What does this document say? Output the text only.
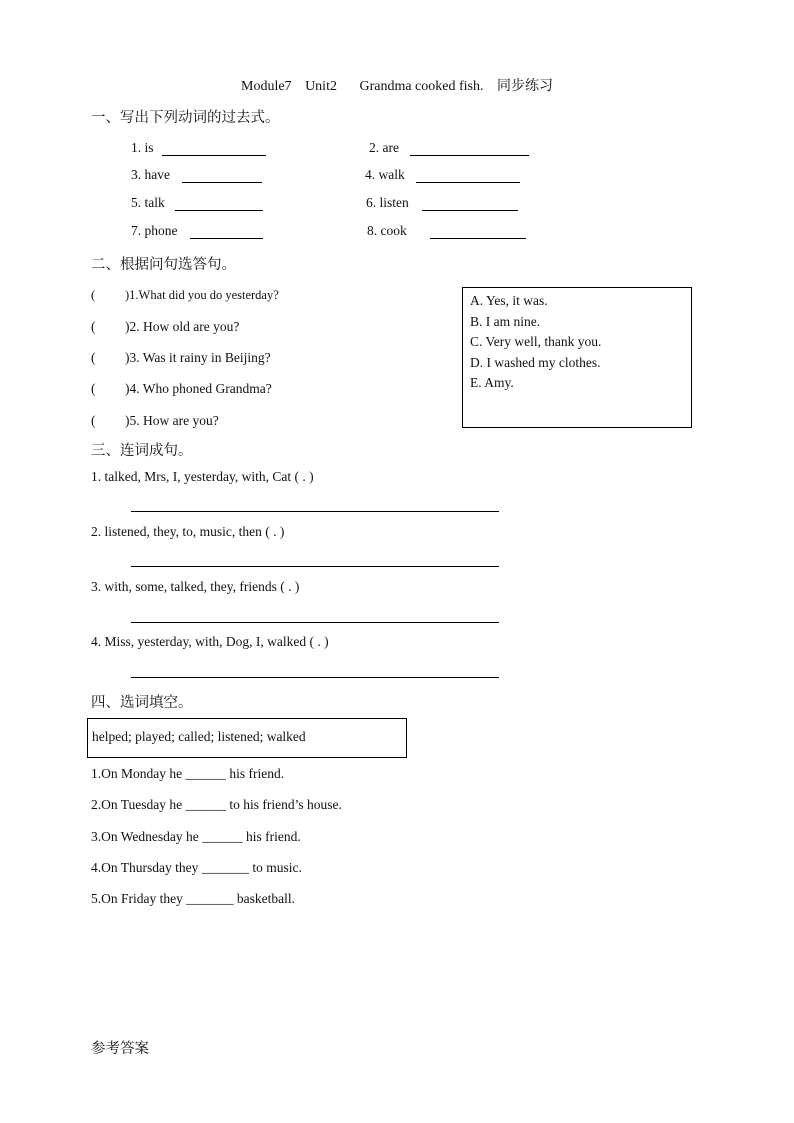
Module7 Unit2 Grandma cooked fish. 同步练习
一、写出下列动词的过去式。
1. is	2. are
3. have	4. walk
5. talk	6. listen
7. phone	8. cook
二、根据问句选答句。
( )1.What did you do yesterday?
( )2. How old are you?
( )3. Was it rainy in Beijing?
( )4. Who phoned Grandma?
( )5. How are you?
A. Yes, it was.
B. I am nine.
C. Very well, thank you.
D. I washed my clothes.
E. Amy.
三、连词成句。
1. talked, Mrs, I, yesterday, with, Cat ( . )
2. listened, they, to, music, then ( . )
3. with, some, talked, they, friends ( . )
4. Miss, yesterday, with, Dog, I, walked ( . )
四、选词填空。
helped; played; called; listened; walked
1.On Monday he ______ his friend.
2.On Tuesday he ______ to his friend’s house.
3.On Wednesday he ______ his friend.
4.On Thursday they _______ to music.
5.On Friday they _______ basketball.
参考答案
